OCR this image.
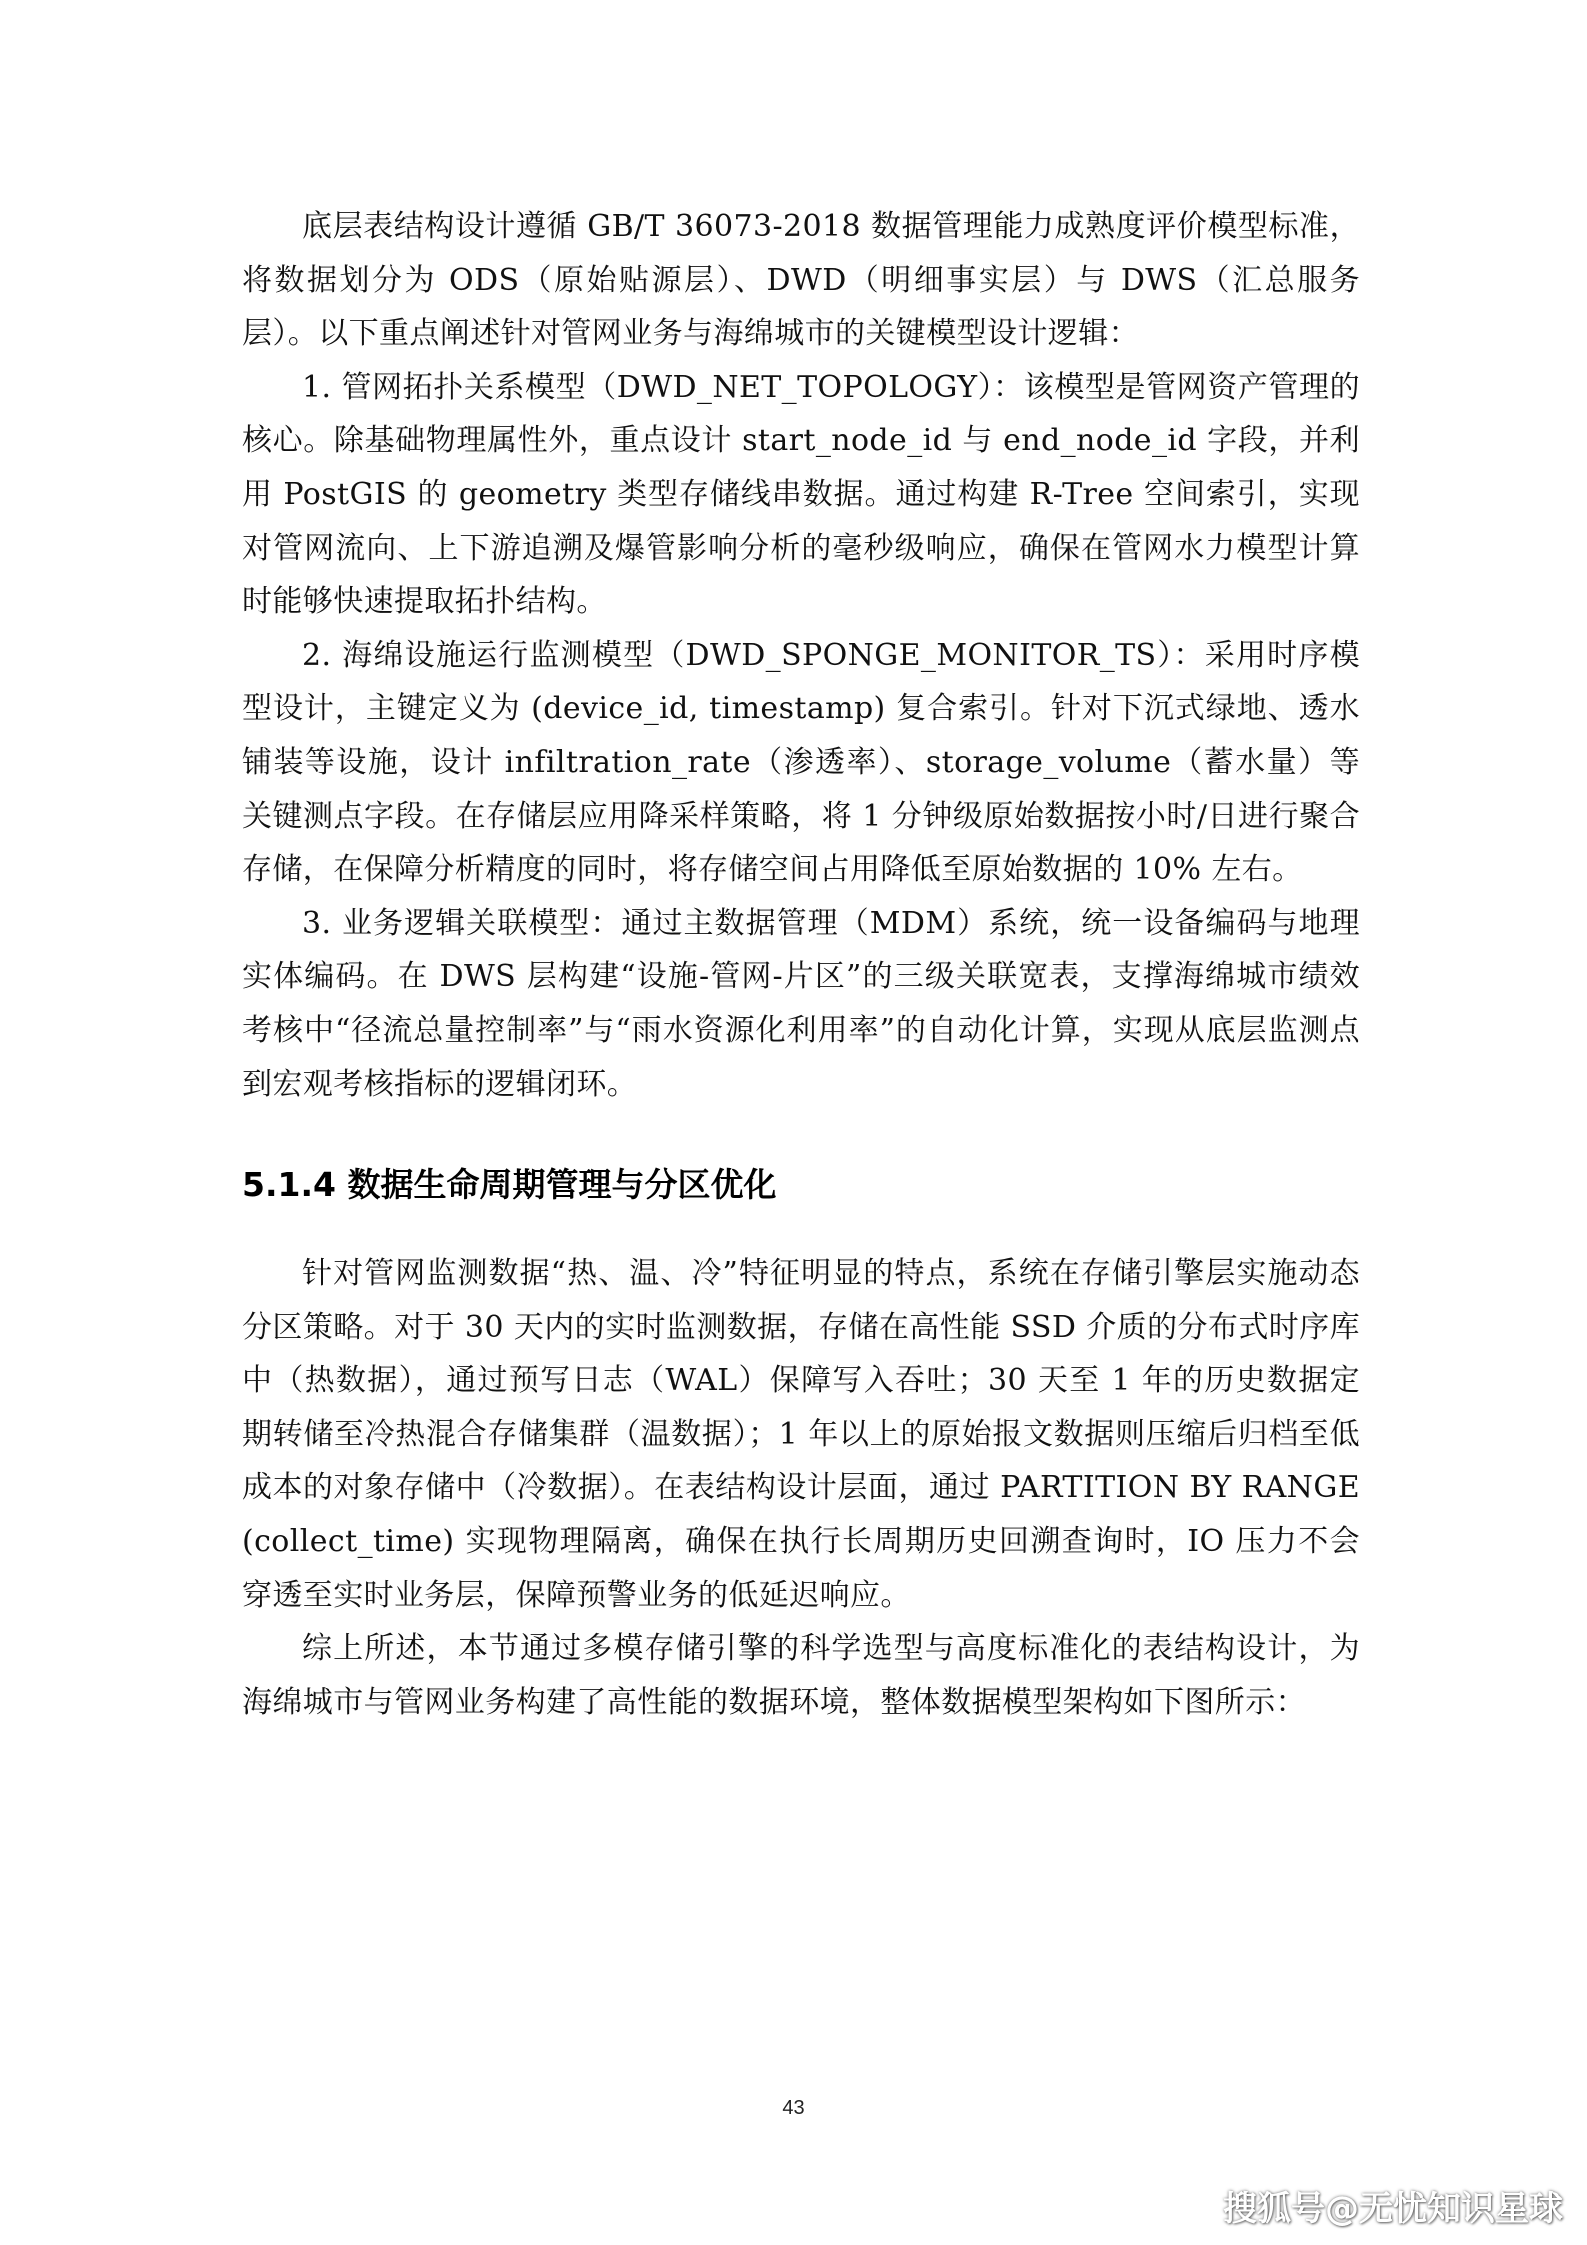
底层表结构设计遵循 GB/T 36073-2018 数据管理能力成熟度评价模型标准，将数据划分为 ODS（原始贴源层）、DWD（明细事实层）与 DWS（汇总服务层）。以下重点阐述针对管网业务与海绵城市的关键模型设计逻辑：

1. 管网拓扑关系模型（DWD_NET_TOPOLOGY）：该模型是管网资产管理的核心。除基础物理属性外，重点设计 start_node_id 与 end_node_id 字段，并利用 PostGIS 的 geometry 类型存储线串数据。通过构建 R-Tree 空间索引，实现对管网流向、上下游追溯及爆管影响分析的毫秒级响应，确保在管网水力模型计算时能够快速提取拓扑结构。

2. 海绵设施运行监测模型（DWD_SPONGE_MONITOR_TS）：采用时序模型设计，主键定义为 (device_id, timestamp) 复合索引。针对下沉式绿地、透水铺装等设施，设计 infiltration_rate（渗透率）、storage_volume（蓄水量）等关键测点字段。在存储层应用降采样策略，将 1 分钟级原始数据按小时/日进行聚合存储，在保障分析精度的同时，将存储空间占用降低至原始数据的 10% 左右。

3. 业务逻辑关联模型：通过主数据管理（MDM）系统，统一设备编码与地理实体编码。在 DWS 层构建“设施-管网-片区”的三级关联宽表，支撑海绵城市绩效考核中“径流总量控制率”与“雨水资源化利用率”的自动化计算，实现从底层监测点到宏观考核指标的逻辑闭环。

5.1.4 数据生命周期管理与分区优化

针对管网监测数据“热、温、冷”特征明显的特点，系统在存储引擎层实施动态分区策略。对于 30 天内的实时监测数据，存储在高性能 SSD 介质的分布式时序库中（热数据），通过预写日志（WAL）保障写入吞吐；30 天至 1 年的历史数据定期转储至冷热混合存储集群（温数据）；1 年以上的原始报文数据则压缩后归档至低成本的对象存储中（冷数据）。在表结构设计层面，通过 PARTITION BY RANGE (collect_time) 实现物理隔离，确保在执行长周期历史回溯查询时，IO 压力不会穿透至实时业务层，保障预警业务的低延迟响应。

综上所述，本节通过多模存储引擎的科学选型与高度标准化的表结构设计，为海绵城市与管网业务构建了高性能的数据环境，整体数据模型架构如下图所示：

43
搜狐号@无忧知识星球
